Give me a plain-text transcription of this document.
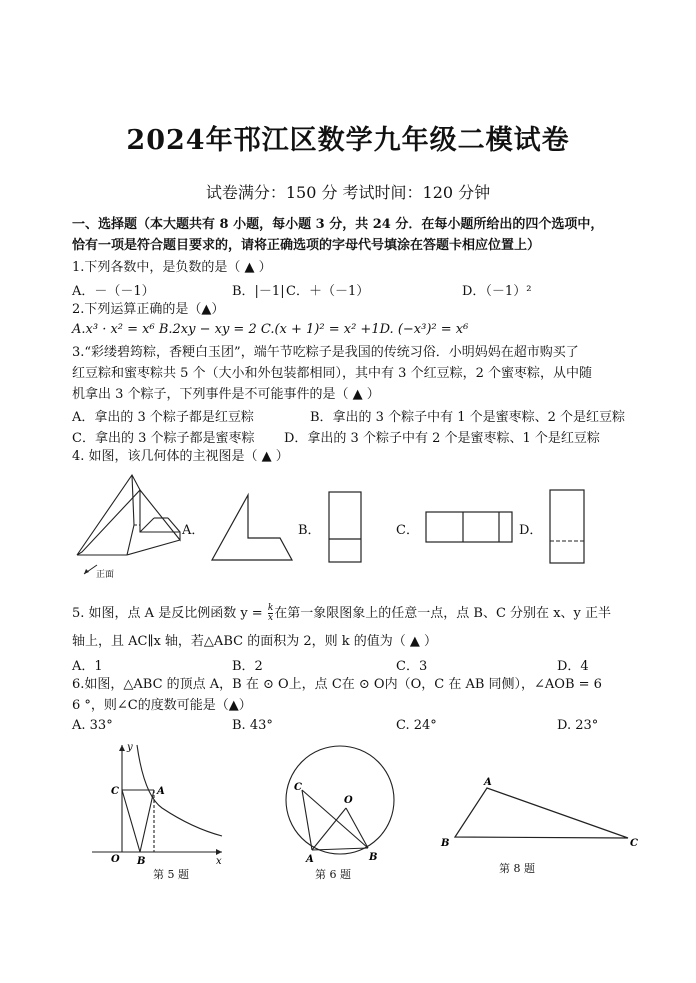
2024年邗江区数学九年级二模试卷
试卷满分：150 分 考试时间：120 分钟
一、选择题（本大题共有 8 小题，每小题 3 分，共 24 分．在每小题所给出的四个选项中，
恰有一项是符合题目要求的，请将正确选项的字母代号填涂在答题卡相应位置上）
1.下列各数中，是负数的是（ ▲ ）
A．－（－1）	B．|－1| C．＋（－1）	D．（－1）²
2.下列运算正确的是（▲）
A.x³ · x² = x⁶ B.2xy − xy = 2 C.(x + 1)² = x² +1D. (−x³)² = x⁶
3.“彩缕碧筠粽，香粳白玉团”，端午节吃粽子是我国的传统习俗．小明妈妈在超市购买了
红豆粽和蜜枣粽共 5 个（大小和外包装都相同），其中有 3 个红豆粽，2 个蜜枣粽，从中随
机拿出 3 个粽子，下列事件是不可能事件的是（ ▲ ）
A．拿出的 3 个粽子都是红豆粽	B．拿出的 3 个粽子中有 1 个是蜜枣粽、2 个是红豆粽
C．拿出的 3 个粽子都是蜜枣粽 D．拿出的 3 个粽子中有 2 个是蜜枣粽、1 个是红豆粽
4. 如图，该几何体的主视图是（ ▲ ）
正面
A．	B．	C．	D．
5. 如图，点 A 是反比例函数 $y = \frac{k}{x}$ 在第一象限图象上的任意一点，点 B、C 分别在 x、y 正半
轴上，且 AC∥x 轴，若△ABC 的面积为 2，则 k 的值为（ ▲ ）
A．1	B．2	C．3	D．4
6.如图，△ABC 的顶点 A，B 在 ⊙ O上，点 C在 ⊙ O内（O，C 在 AB 同侧），∠AOB = 6
6 °，则∠C的度数可能是（▲）
A. 33°	B. 43°	C. 24°	D. 23°
y
x
O
A
B
C
第 5 题
C
O
A	B
第 6 题
A
B	C
第 8 题
